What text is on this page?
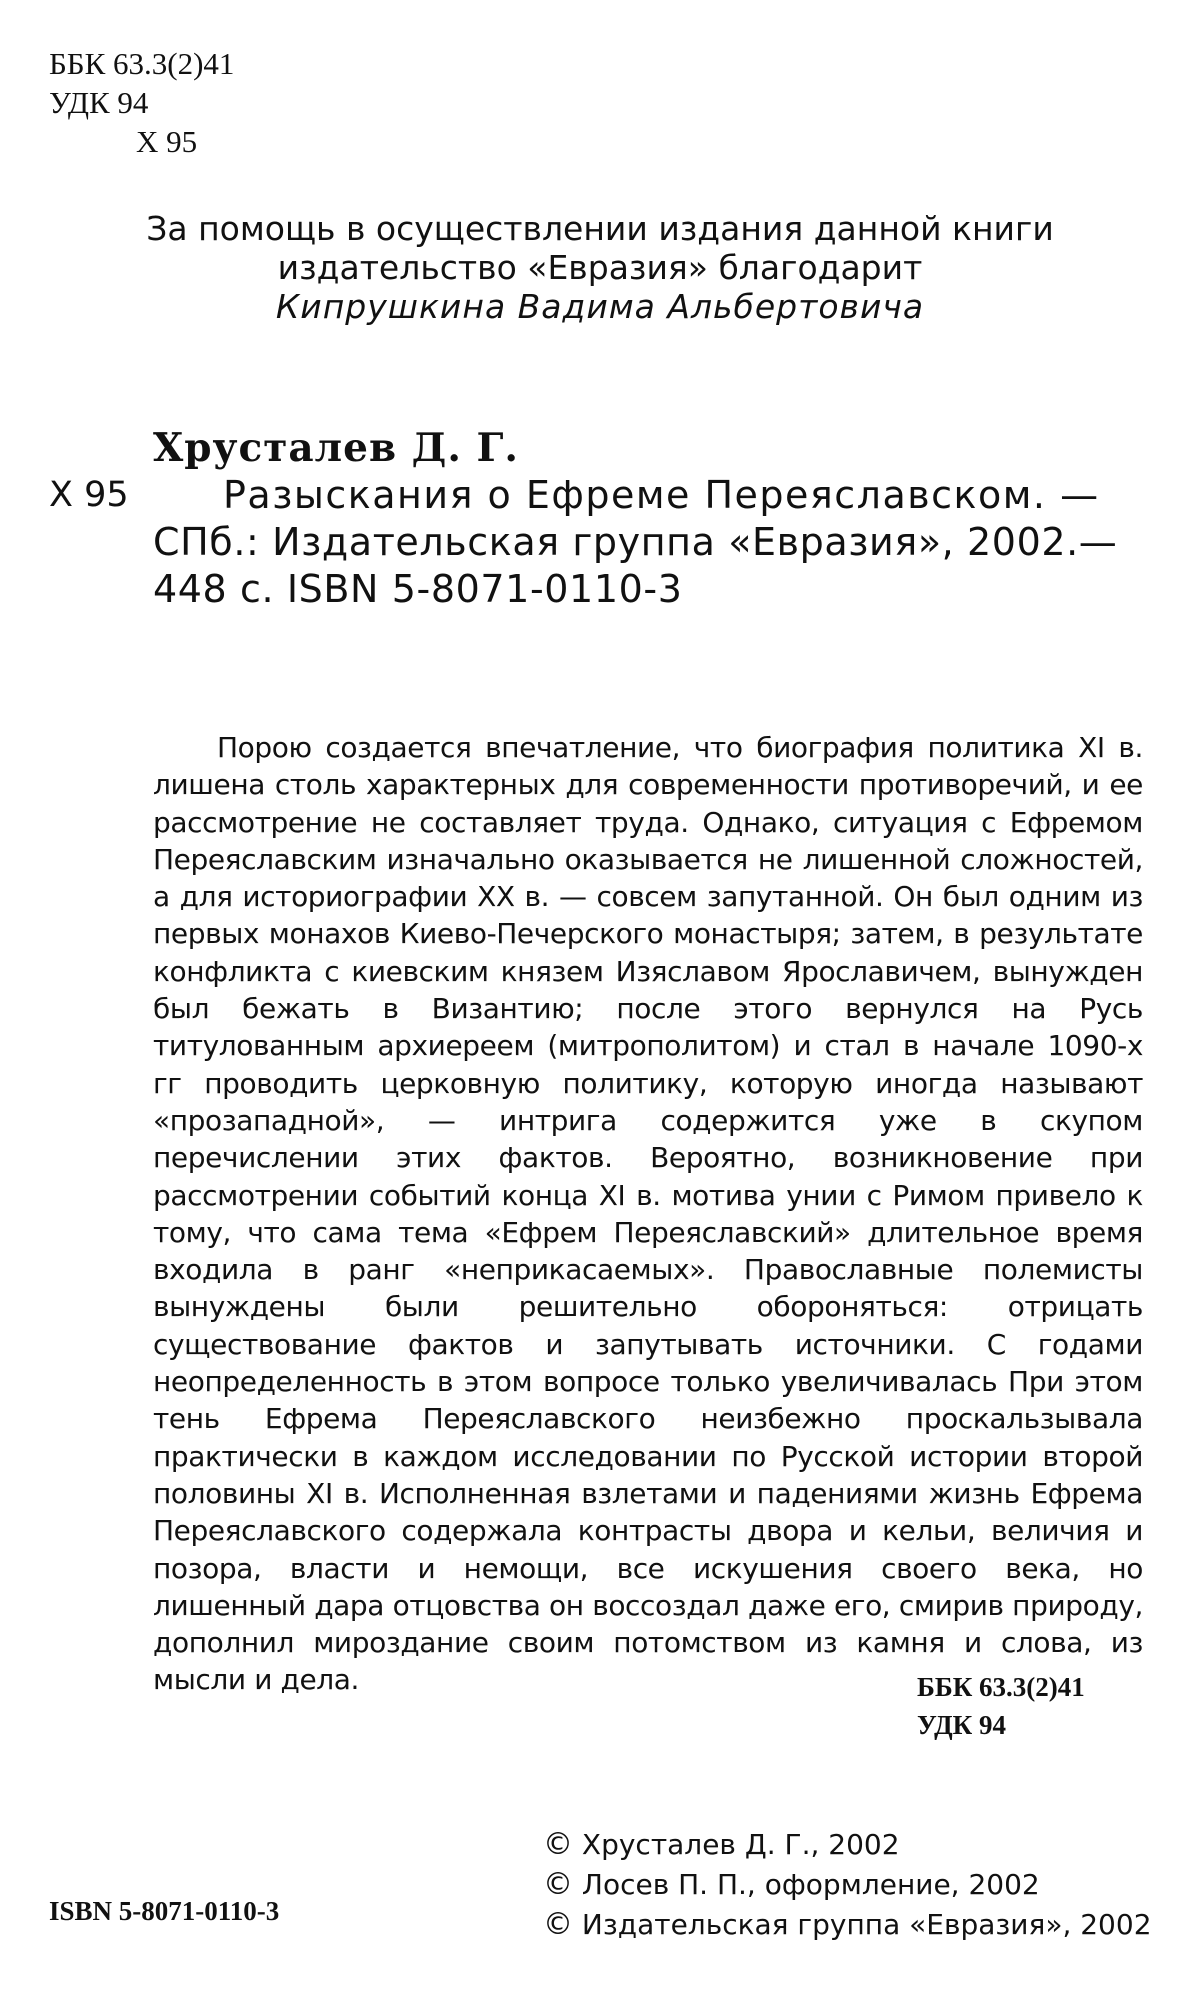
ББК 63.3(2)41
УДК 94
Х 95
За помощь в осуществлении издания данной книги
издательство «Евразия» благодарит
Кипрушкина Вадима Альбертовича
Хрусталев Д. Г.
Х 95	Разыскания о Ефреме Переяславском. —
СПб.: Издательская группа «Евразия», 2002.—
448 с. ISBN 5-8071-0110-3

Порою создается впечатление, что биография политика XI в. лишена столь характерных для современности противоречий, и ее рассмотрение не составляет труда. Однако, ситуация с Ефремом Переяславским изначально оказывается не лишенной сложностей, а для историографии XX в. — совсем запутанной. Он был одним из первых монахов Киево-Печерского монастыря; затем, в результате конфликта с киевским князем Изяславом Ярославичем, вынужден был бежать в Византию; после этого вернулся на Русь титулованным архиереем (митрополитом) и стал в начале 1090-х гг проводить церковную политику, которую иногда называют «прозападной», — интрига содержится уже в скупом перечислении этих фактов. Вероятно, возникновение при рассмотрении событий конца XI в. мотива унии с Римом привело к тому, что сама тема «Ефрем Переяславский» длительное время входила в ранг «неприкасаемых». Православные полемисты вынуждены были решительно обороняться: отрицать существование фактов и запутывать источники. С годами неопределенность в этом вопросе только увеличивалась При этом тень Ефрема Переяславского неизбежно проскальзывала практически в каждом исследовании по Русской истории второй половины XI в. Исполненная взлетами и падениями жизнь Ефрема Переяславского содержала контрасты двора и кельи, величия и позора, власти и немощи, все искушения своего века, но лишенный дара отцовства он воссоздал даже его, смирив природу, дополнил мироздание своим потомством из камня и слова, из мысли и дела.	ББК 63.3(2)41
УДК 94
ISBN 5-8071-0110-3
© Хрусталев Д. Г., 2002
© Лосев П. П., оформление, 2002
© Издательская группа «Евразия», 2002
